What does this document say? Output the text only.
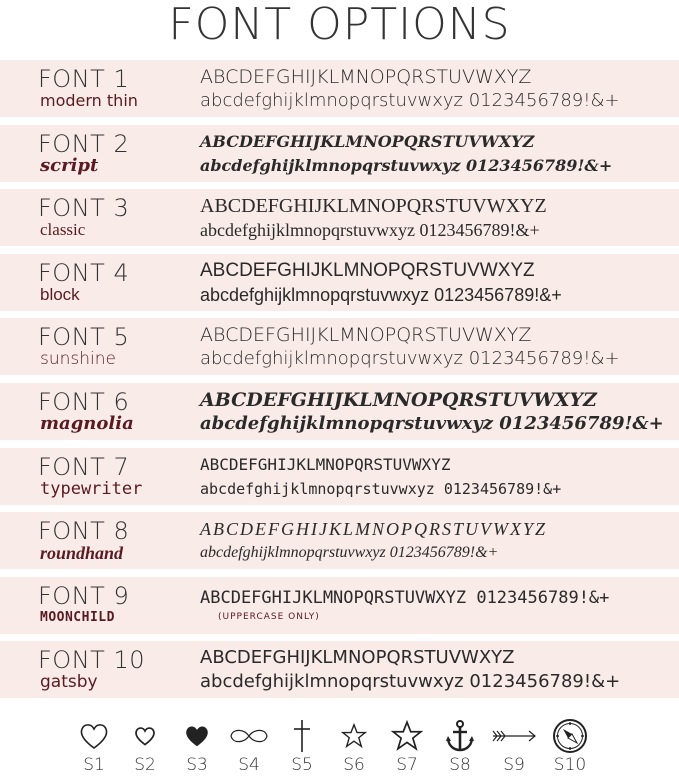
FONT OPTIONS
FONT 1
modern thin
ABCDEFGHIJKLMNOPQRSTUVWXYZ
abcdefghijklmnopqrstuvwxyz 0123456789!&+
FONT 2
script
ABCDEFGHIJKLMNOPQRSTUVWXYZ
abcdefghijklmnopqrstuvwxyz 0123456789!&+
FONT 3
classic
ABCDEFGHIJKLMNOPQRSTUVWXYZ
abcdefghijklmnopqrstuvwxyz 0123456789!&+
FONT 4
block
ABCDEFGHIJKLMNOPQRSTUVWXYZ
abcdefghijklmnopqrstuvwxyz 0123456789!&+
FONT 5
sunshine
ABCDEFGHIJKLMNOPQRSTUVWXYZ
abcdefghijklmnopqrstuvwxyz 0123456789!&+
FONT 6
magnolia
ABCDEFGHIJKLMNOPQRSTUVWXYZ
abcdefghijklmnopqrstuvwxyz 0123456789!&+
FONT 7
typewriter
ABCDEFGHIJKLMNOPQRSTUVWXYZ
abcdefghijklmnopqrstuvwxyz 0123456789!&+
FONT 8
roundhand
ABCDEFGHIJKLMNOPQRSTUVWXYZ
abcdefghijklmnopqrstuvwxyz 0123456789!&+
FONT 9
MOONCHILD
ABCDEFGHIJKLMNOPQRSTUVWXYZ 0123456789!&+
(UPPERCASE ONLY)
FONT 10
gatsby
ABCDEFGHIJKLMNOPQRSTUVWXYZ
abcdefghijklmnopqrstuvwxyz 0123456789!&+
S1	S2	S3	S4	S5	S6	S7	S8	S9	S10
